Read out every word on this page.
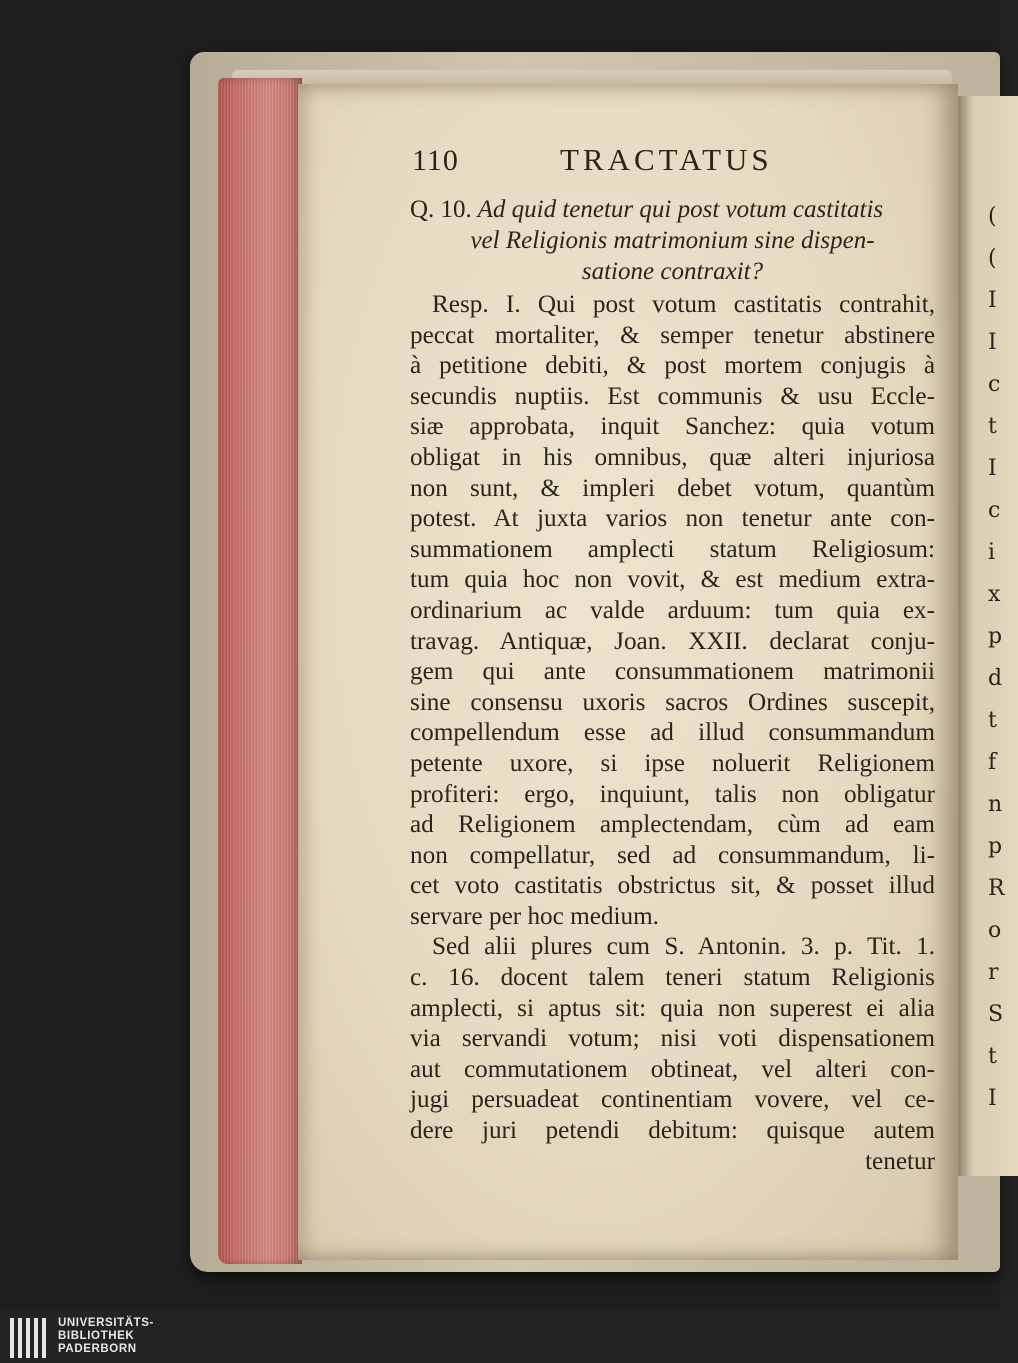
(
(
I
I
c
t
I
c
i
x
p
d
t
f
n
p
R
o
r
S
t
I
110	TRACTATUS
Q. 10. Ad quid tenetur qui post votum castitatis
vel Religionis matrimonium sine dispen-
satione contraxit?
Resp. I. Qui post votum castitatis contrahit,
peccat mortaliter, & semper tenetur abstinere
à petitione debiti, & post mortem conjugis à
secundis nuptiis. Est communis & usu Eccle-
siæ approbata, inquit Sanchez: quia votum
obligat in his omnibus, quæ alteri injuriosa
non sunt, & impleri debet votum, quantùm
potest. At juxta varios non tenetur ante con-
summationem amplecti statum Religiosum:
tum quia hoc non vovit, & est medium extra-
ordinarium ac valde arduum: tum quia ex-
travag. Antiquæ, Joan. XXII. declarat conju-
gem qui ante consummationem matrimonii
sine consensu uxoris sacros Ordines suscepit,
compellendum esse ad illud consummandum
petente uxore, si ipse noluerit Religionem
profiteri: ergo, inquiunt, talis non obligatur
ad Religionem amplectendam, cùm ad eam
non compellatur, sed ad consummandum, li-
cet voto castitatis obstrictus sit, & posset illud
servare per hoc medium.
Sed alii plures cum S. Antonin. 3. p. Tit. 1.
c. 16. docent talem teneri statum Religionis
amplecti, si aptus sit: quia non superest ei alia
via servandi votum; nisi voti dispensationem
aut commutationem obtineat, vel alteri con-
jugi persuadeat continentiam vovere, vel ce-
dere juri petendi debitum: quisque autem
tenetur
UNIVERSITÄTS-
BIBLIOTHEK
PADERBORN
